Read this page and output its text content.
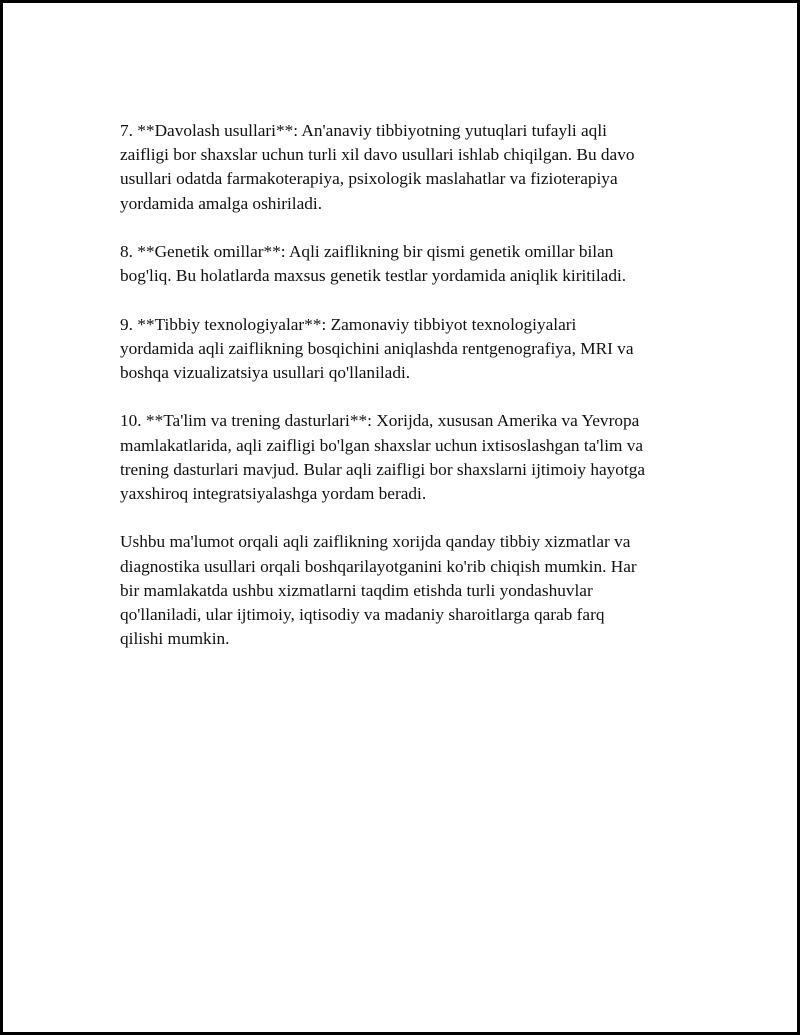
7. **Davolash usullari**: An'anaviy tibbiyotning yutuqlari tufayli aqli
zaifligi bor shaxslar uchun turli xil davo usullari ishlab chiqilgan. Bu davo
usullari odatda farmakoterapiya, psixologik maslahatlar va fizioterapiya
yordamida amalga oshiriladi.

8. **Genetik omillar**: Aqli zaiflikning bir qismi genetik omillar bilan
bog'liq. Bu holatlarda maxsus genetik testlar yordamida aniqlik kiritiladi.

9. **Tibbiy texnologiyalar**: Zamonaviy tibbiyot texnologiyalari
yordamida aqli zaiflikning bosqichini aniqlashda rentgenografiya, MRI va
boshqa vizualizatsiya usullari qo'llaniladi.

10. **Ta'lim va trening dasturlari**: Xorijda, xususan Amerika va Yevropa
mamlakatlarida, aqli zaifligi bo'lgan shaxslar uchun ixtisoslashgan ta'lim va
trening dasturlari mavjud. Bular aqli zaifligi bor shaxslarni ijtimoiy hayotga
yaxshiroq integratsiyalashga yordam beradi.

Ushbu ma'lumot orqali aqli zaiflikning xorijda qanday tibbiy xizmatlar va
diagnostika usullari orqali boshqarilayotganini ko'rib chiqish mumkin. Har
bir mamlakatda ushbu xizmatlarni taqdim etishda turli yondashuvlar
qo'llaniladi, ular ijtimoiy, iqtisodiy va madaniy sharoitlarga qarab farq
qilishi mumkin.
